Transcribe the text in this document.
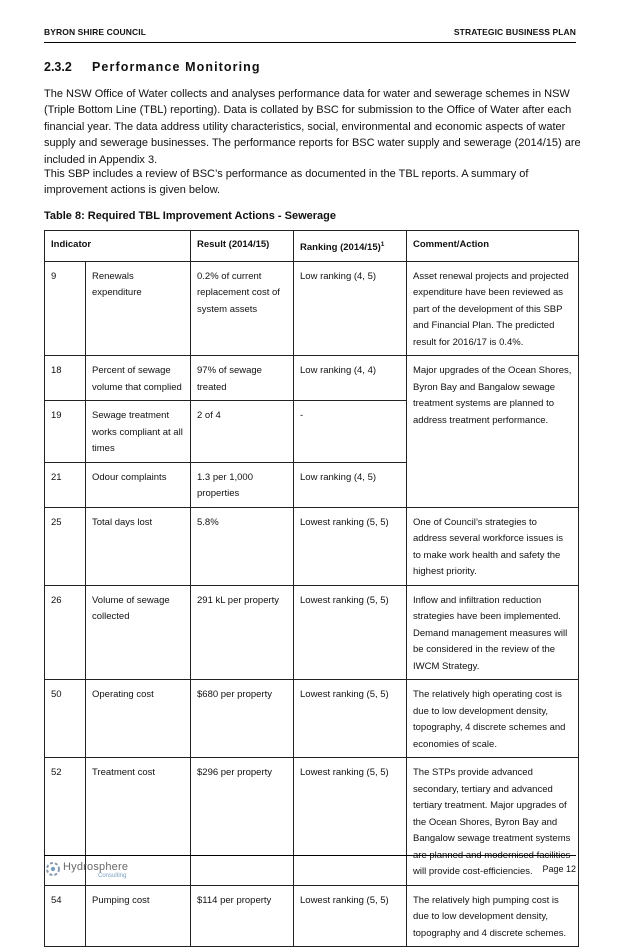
BYRON SHIRE COUNCIL	STRATEGIC BUSINESS PLAN
2.3.2 Performance Monitoring

The NSW Office of Water collects and analyses performance data for water and sewerage schemes in NSW (Triple Bottom Line (TBL) reporting). Data is collated by BSC for submission to the Office of Water after each financial year. The data address utility characteristics, social, environmental and economic aspects of water supply and sewerage businesses. The performance reports for BSC water supply and sewerage (2014/15) are included in Appendix 3.

This SBP includes a review of BSC’s performance as documented in the TBL reports. A summary of improvement actions is given below.

Table 8: Required TBL Improvement Actions - Sewerage
Indicator		Result (2014/15)	Ranking $(2014/15)^1$	Comment/Action
9	Renewals expenditure	0.2% of current replacement cost of system assets	Low ranking (4, 5)	Asset renewal projects and projected expenditure have been reviewed as part of the development of this SBP and Financial Plan. The predicted result for 2016/17 is 0.4%.
18	Percent of sewage volume that complied	97% of sewage treated	Low ranking (4, 4)	Major upgrades of the Ocean Shores, Byron Bay and Bangalow sewage treatment systems are planned to address treatment performance.
19	Sewage treatment works compliant at all times	2 of 4	-	
21	Odour complaints	1.3 per 1,000 properties	Low ranking (4, 5)	
25	Total days lost	5.8%	Lowest ranking (5, 5)	One of Council’s strategies to address several workforce issues is to make work health and safety the highest priority.
26	Volume of sewage collected	291 kL per property	Lowest ranking (5, 5)	Inflow and infiltration reduction strategies have been implemented. Demand management measures will be considered in the review of the IWCM Strategy.
50	Operating cost	$680 per property	Lowest ranking (5, 5)	The relatively high operating cost is due to low development density, topography, 4 discrete schemes and economies of scale.
52	Treatment cost	$296 per property	Lowest ranking (5, 5)	The STPs provide advanced secondary, tertiary and advanced tertiary treatment. Major upgrades of the Ocean Shores, Byron Bay and Bangalow sewage treatment systems are planned and modernised facilities will provide cost-efficiencies.
54	Pumping cost	$114 per property	Lowest ranking (5, 5)	The relatively high pumping cost is due to low development density, topography and 4 discrete schemes.
Hydrosphere
Consulting
Page 12
